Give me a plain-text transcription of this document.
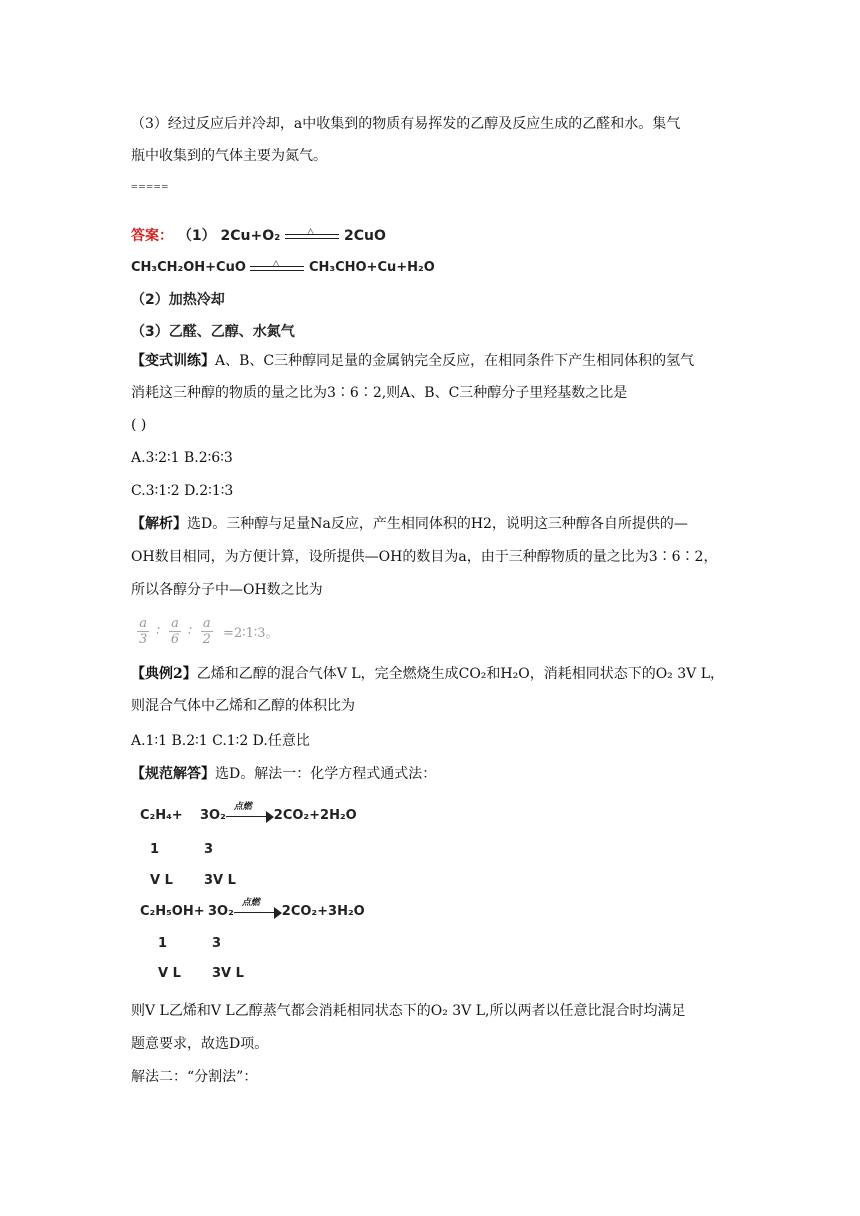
（3）经过反应后并冷却，a中收集到的物质有易挥发的乙醇及反应生成的乙醛和水。集气
瓶中收集到的气体主要为氮气。
=====
答案： （1） 2Cu+O₂	△ 2CuO
CH₃CH₂OH+CuO	△ CH₃CHO+Cu+H₂O
（2）加热冷却
（3）乙醛、乙醇、水氮气
【变式训练】A、B、C三种醇同足量的金属钠完全反应，在相同条件下产生相同体积的氢气
消耗这三种醇的物质的量之比为3∶6∶2,则A、B、C三种醇分子里羟基数之比是
( )
A.3∶2∶1 B.2∶6∶3
C.3∶1∶2 D.2∶1∶3
【解析】选D。三种醇与足量Na反应，产生相同体积的H2，说明这三种醇各自所提供的—
OH数目相同，为方便计算，设所提供—OH的数目为a，由于三种醇物质的量之比为3∶6∶2，
所以各醇分子中—OH数之比为
$\frac{a}{3}$ ∶ $\frac{a}{6}$ ∶ $\frac{a}{2}$ =2∶1∶3。
【典例2】乙烯和乙醇的混合气体V L，完全燃烧生成CO₂和H₂O，消耗相同状态下的O₂ 3V L，
则混合气体中乙烯和乙醇的体积比为
A.1∶1 B.2∶1 C.1∶2 D.任意比
【规范解答】选D。解法一：化学方程式通式法：
C₂H₄+ 3O₂
点燃
2CO₂+2H₂O
1	3
V L 3V L
C₂H₅OH+ 3O₂
点燃
2CO₂+3H₂O
1	3
V L 3V L
则V L乙烯和V L乙醇蒸气都会消耗相同状态下的O₂ 3V L,所以两者以任意比混合时均满足
题意要求，故选D项。
解法二：“分割法”：
